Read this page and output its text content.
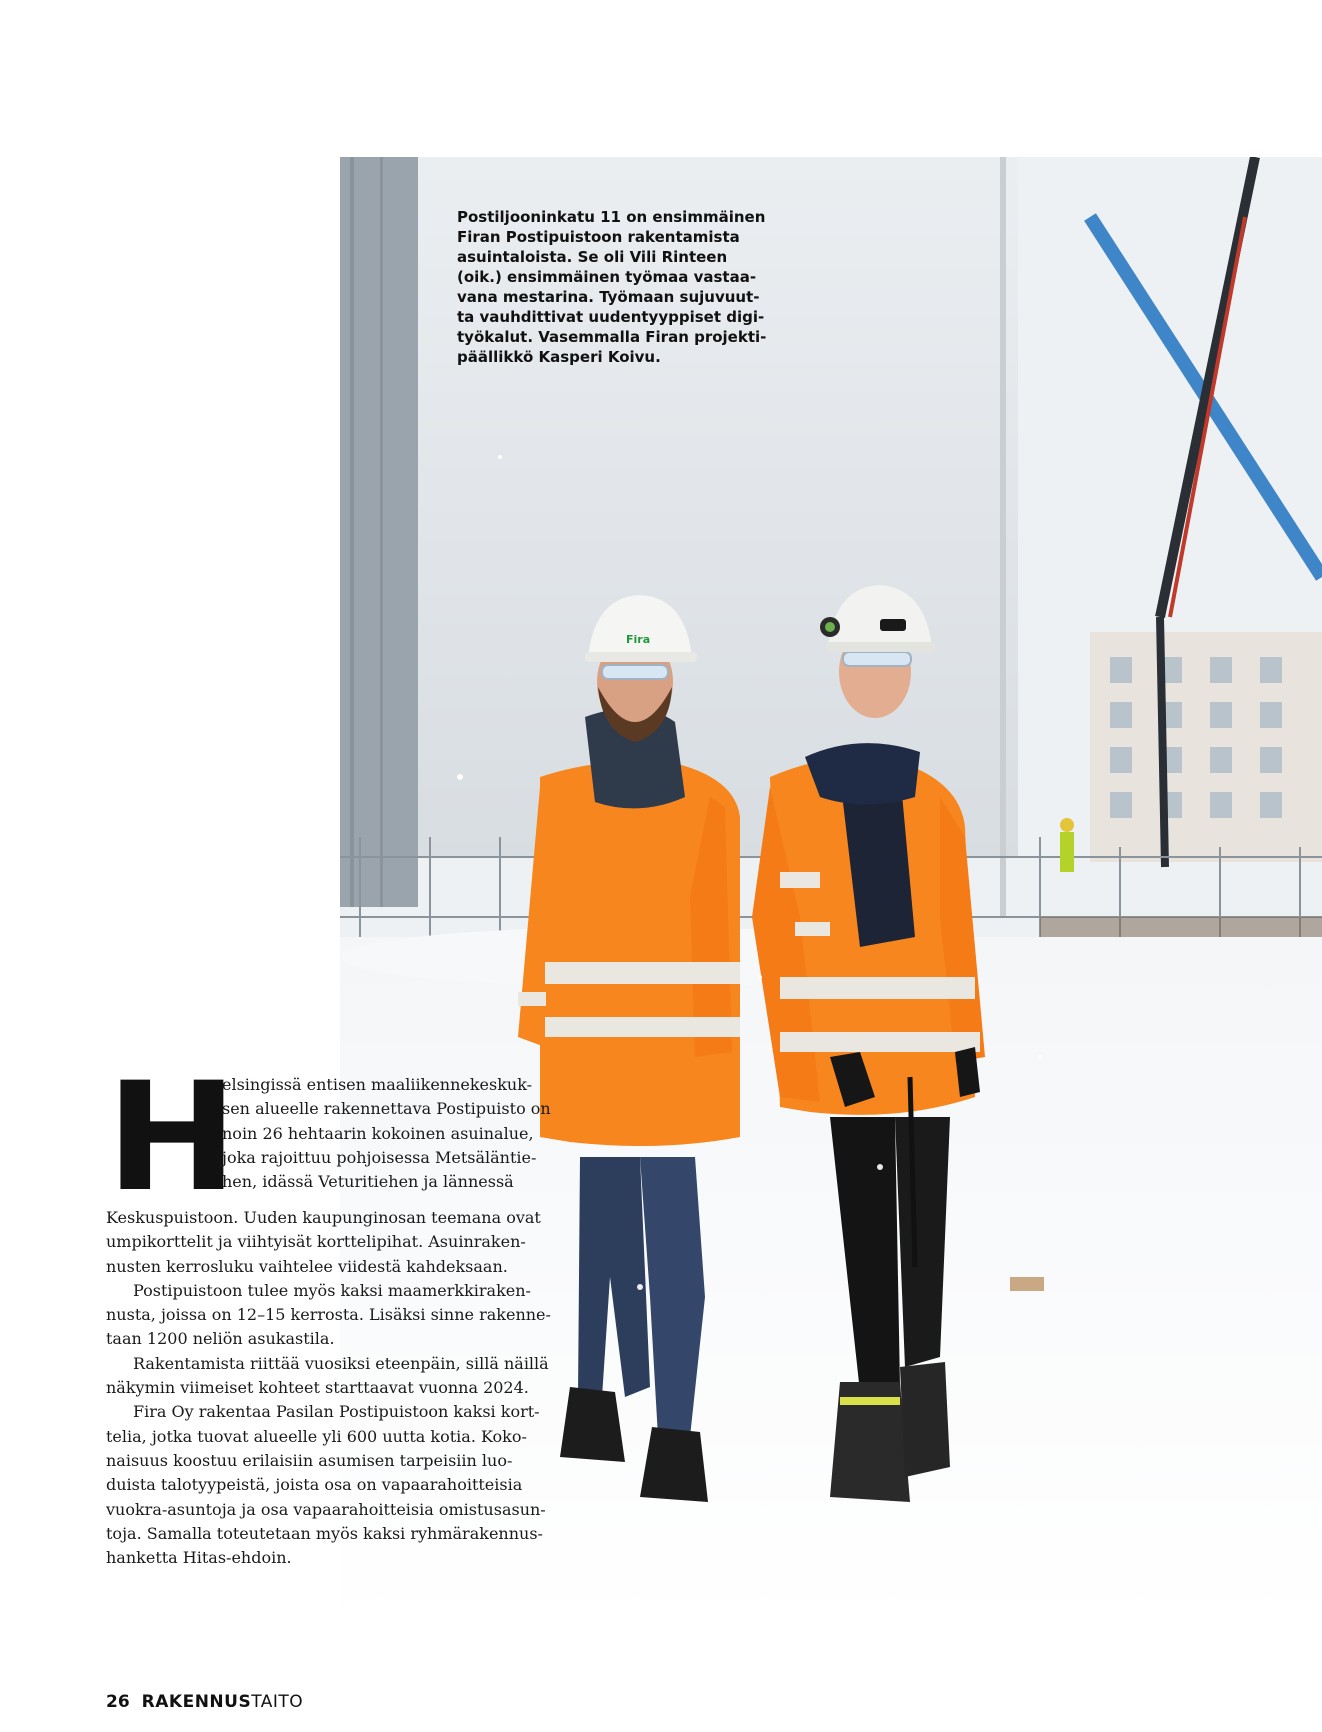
Fira

Postiljooninkatu 11 on ensimmäinen
Firan Postipuistoon rakentamista
asuintaloista. Se oli Vili Rinteen
(oik.) ensimmäinen työmaa vastaa-
vana mestarina. Työmaan sujuvuut-
ta vauhdittivat uudentyyppiset digi-
työkalut. Vasemmalla Firan projekti-
päällikkö Kasperi Koivu.

H
elsingissä entisen maaliikennekeskuk-
sen alueelle rakennettava Postipuisto on
noin 26 hehtaarin kokoinen asuinalue,
joka rajoittuu pohjoisessa Metsäläntie-
hen, idässä Veturitiehen ja lännessä
Keskuspuistoon. Uuden kaupunginosan teemana ovat
umpikorttelit ja viihtyisät korttelipihat. Asuinraken-
nusten kerrosluku vaihtelee viidestä kahdeksaan.
Postipuistoon tulee myös kaksi maamerkkiraken-
nusta, joissa on 12–15 kerrosta. Lisäksi sinne rakenne-
taan 1200 neliön asukastila.
Rakentamista riittää vuosiksi eteenpäin, sillä näillä
näkymin viimeiset kohteet starttaavat vuonna 2024.
Fira Oy rakentaa Pasilan Postipuistoon kaksi kort-
telia, jotka tuovat alueelle yli 600 uutta kotia. Koko-
naisuus koostuu erilaisiin asumisen tarpeisiin luo-
duista talotyypeistä, joista osa on vapaarahoitteisia
vuokra-asuntoja ja osa vapaarahoitteisia omistusasun-
toja. Samalla toteutetaan myös kaksi ryhmärakennus-
hanketta Hitas-ehdoin.
26 RAKENNUSTAITO
